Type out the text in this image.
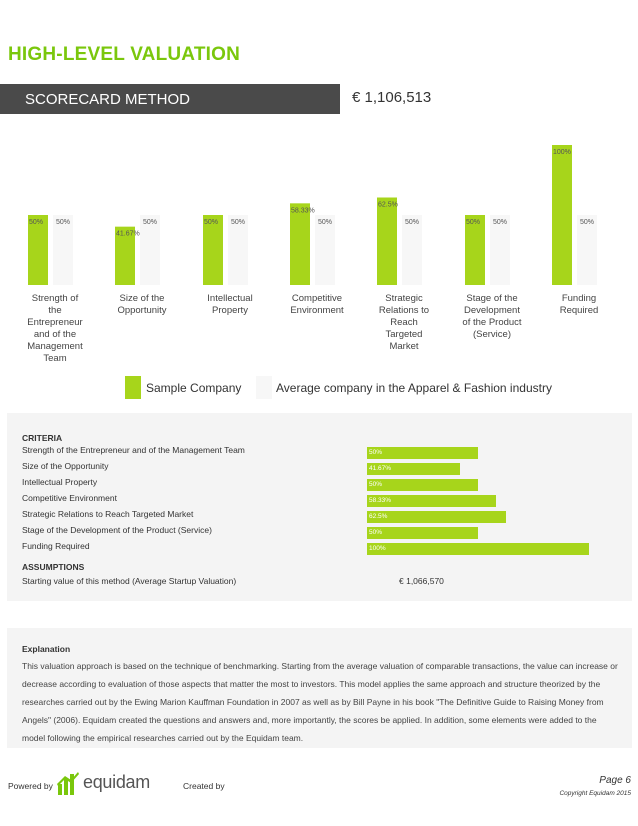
HIGH-LEVEL VALUATION
SCORECARD METHOD	€ 1,106,513
50% 50%
Strength of
the
Entrepreneur
and of the
Management
Team
41.67%
50%
Size of the
Opportunity
50% 50%
Intellectual
Property
58.33%
50%
Competitive
Environment
62.5%
50%
Strategic
Relations to
Reach
Targeted
Market
50% 50%
Stage of the
Development
of the Product
(Service)
100%
50%
Funding
Required
Sample Company	Average company in the Apparel & Fashion industry
CRITERIA
Strength of the Entrepreneur and of the Management Team	50%
Size of the Opportunity	41.67%
Intellectual Property	50%
Competitive Environment	58.33%
Strategic Relations to Reach Targeted Market	62.5%
Stage of the Development of the Product (Service)	50%
Funding Required	100%
ASSUMPTIONS
Starting value of this method (Average Startup Valuation)	€ 1,066,570
Explanation
This valuation approach is based on the technique of benchmarking. Starting from the average valuation of comparable transactions, the value can increase or decrease according to evaluation of those aspects that matter the most to investors. This model applies the same approach and structure theorized by the researches carried out by the Ewing Marion Kauffman Foundation in 2007 as well as by Bill Payne in his book "The Definitive Guide to Raising Money from Angels" (2006). Equidam created the questions and answers and, more importantly, the scores be applied. In addition, some elements were added to the model following the empirical researches carried out by the Equidam team.
Powered by equidam	Created by	Page 6
Copyright Equidam 2015
